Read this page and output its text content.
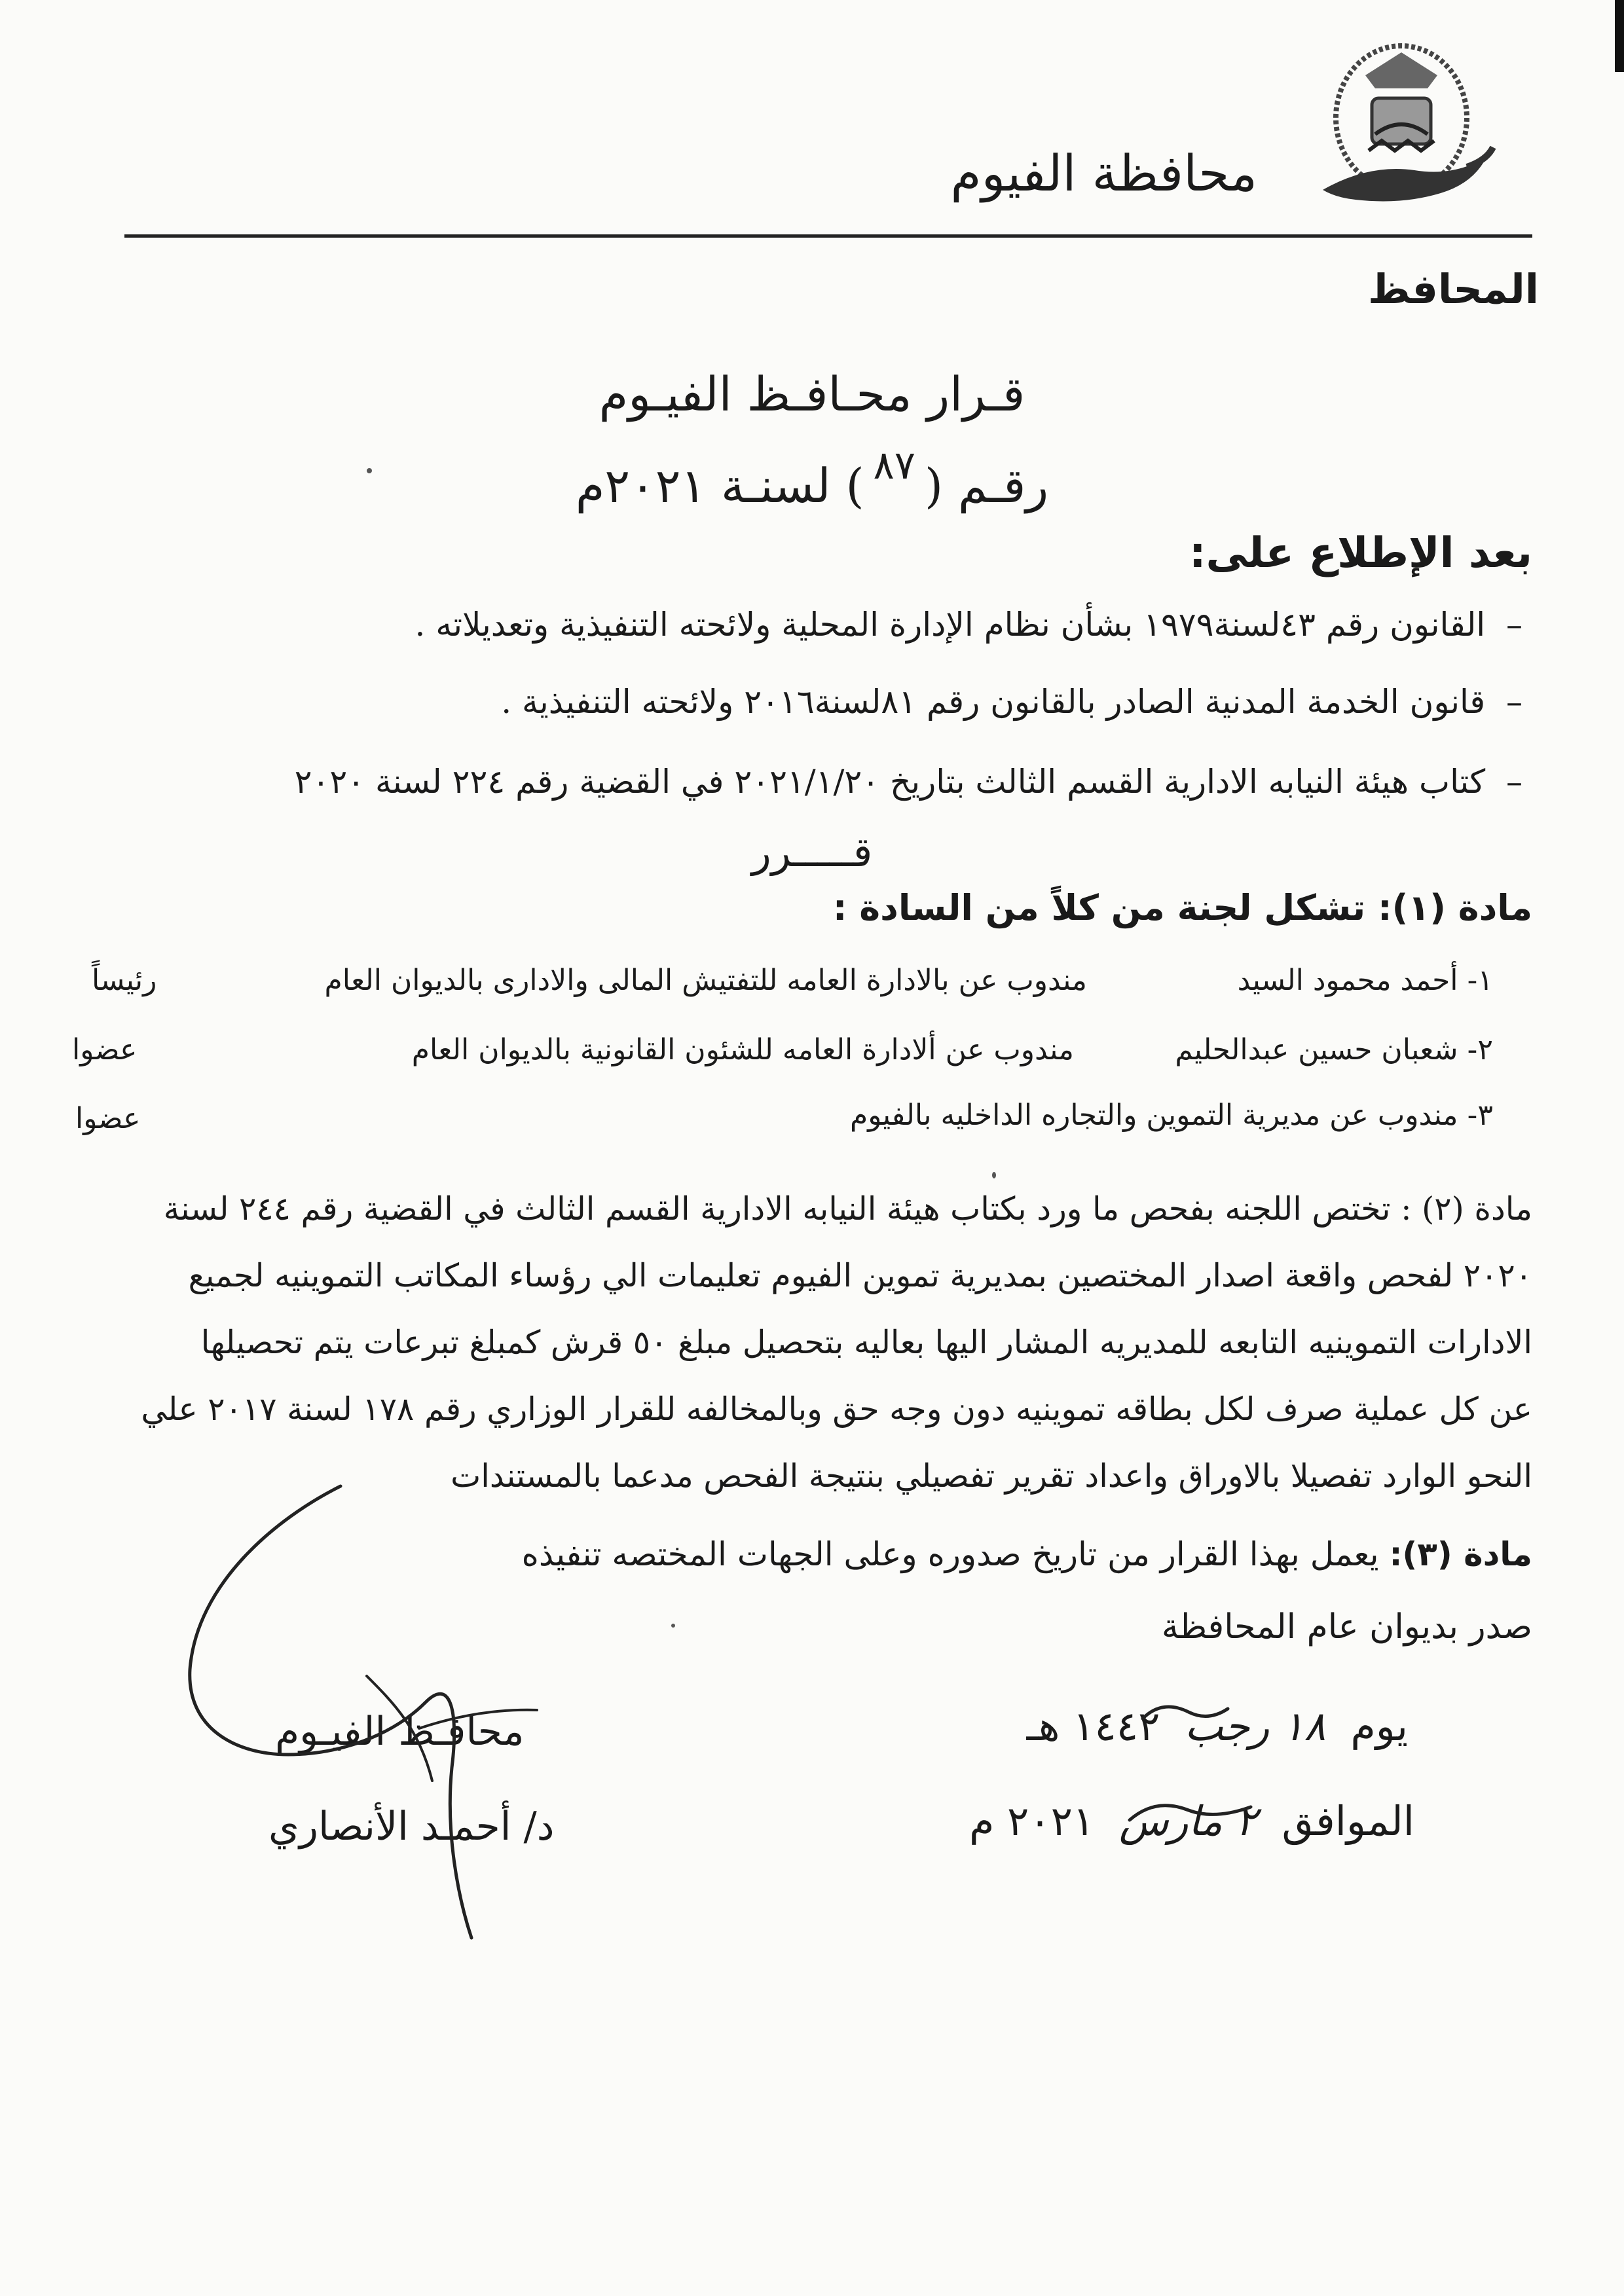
محافظة الفيوم
المحافظ
قـرار محـافـظ الفيـوم
رقـم (
٨٧
) لسنـة ٢٠٢١م
بعد الإطلاع على:
–  القانون رقم ٤٣لسنة١٩٧٩ بشأن نظام الإدارة المحلية ولائحته التنفيذية وتعديلاته .
–  قانون الخدمة المدنية الصادر بالقانون رقم ٨١لسنة٢٠١٦ ولائحته التنفيذية .
–  كتاب هيئة النيابه الادارية القسم الثالث بتاريخ ٢٠٢١/١/٢٠ في القضية رقم ٢٢٤ لسنة ٢٠٢٠
قـــــرر
مادة (١): تشكل لجنة من كلاً من السادة :
١- أحمد محمود السيد
مندوب عن بالادارة العامه للتفتيش المالى والادارى بالديوان العام
رئيساً
٢- شعبان حسين عبدالحليم
مندوب عن ألادارة العامه للشئون القانونية بالديوان العام
عضوا
٣- مندوب عن مديرية التموين والتجاره الداخليه بالفيوم
عضوا
مادة (٢) : تختص اللجنه بفحص ما ورد بكتاب هيئة النيابه الادارية القسم الثالث في القضية رقم ٢٤٤ لسنة
٢٠٢٠ لفحص واقعة اصدار المختصين بمديرية تموين الفيوم تعليمات الي رؤساء المكاتب التموينيه لجميع
الادارات التموينيه التابعه للمديريه المشار اليها بعاليه بتحصيل مبلغ ٥٠ قرش كمبلغ تبرعات يتم تحصيلها
عن كل عملية صرف لكل بطاقه تموينيه دون وجه حق وبالمخالفه للقرار الوزاري رقم ١٧٨ لسنة ٢٠١٧ علي
النحو الوارد تفصيلا بالاوراق واعداد تقرير تفصيلي بنتيجة الفحص مدعما بالمستندات
مادة (٣): يعمل بهذا القرار من تاريخ صدوره وعلى الجهات المختصه تنفيذه
صدر بديوان عام المحافظة
يوم ١٨ رجب ١٤٤٢ هـ
الموافق ٢ مارس ٢٠٢١ م
محافـظ الفيـوم
د/ أحمـد الأنصاري
